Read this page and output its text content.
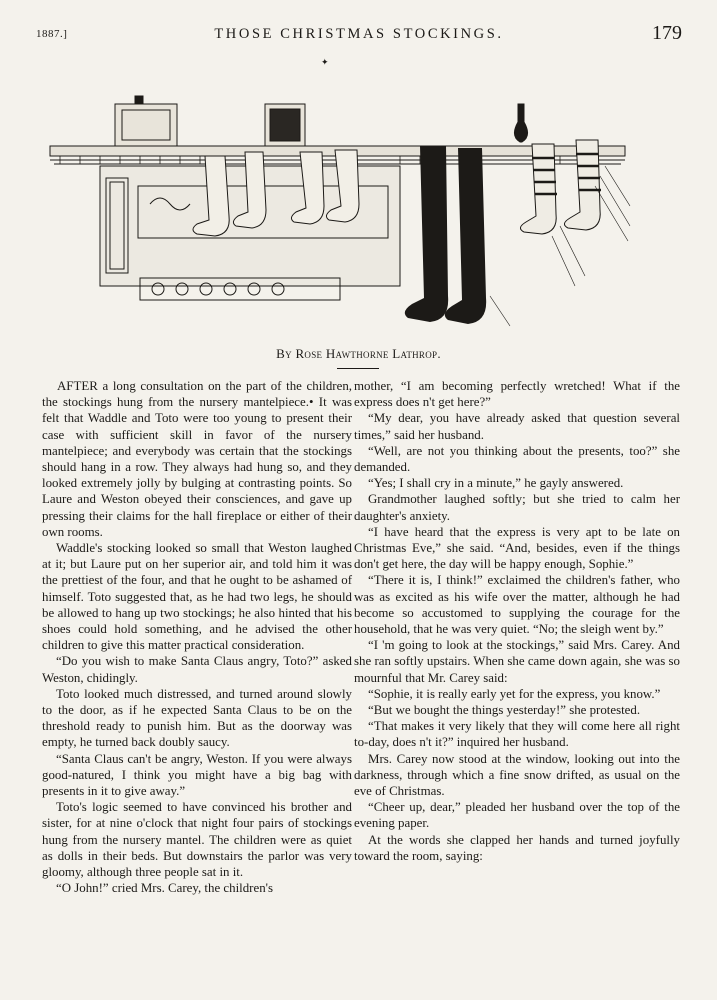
1887.]	THOSE CHRISTMAS STOCKINGS.	179
✦
By Rose Hawthorne Lathrop.

AFTER a long consultation on the part of the children, the stockings hung from the nursery mantelpiece.• It was felt that Waddle and Toto were too young to present their case with sufficient skill in favor of the nursery mantelpiece; and everybody was certain that the stockings should hang in a row. They always had hung so, and they looked extremely jolly by bulging at contrasting points. So Laure and Weston obeyed their consciences, and gave up pressing their claims for the hall fireplace or either of their own rooms.

Waddle's stocking looked so small that Weston laughed at it; but Laure put on her superior air, and told him it was the prettiest of the four, and that he ought to be ashamed of himself. Toto suggested that, as he had two legs, he should be allowed to hang up two stockings; he also hinted that his shoes could hold something, and he advised the other children to give this matter practical consideration.

“Do you wish to make Santa Claus angry, Toto?” asked Weston, chidingly.

Toto looked much distressed, and turned around slowly to the door, as if he expected Santa Claus to be on the threshold ready to punish him. But as the doorway was empty, he turned back doubly saucy.

“Santa Claus can't be angry, Weston. If you were always good-natured, I think you might have a big bag with presents in it to give away.”

Toto's logic seemed to have convinced his brother and sister, for at nine o'clock that night four pairs of stockings hung from the nursery mantel. The children were as quiet as dolls in their beds. But downstairs the parlor was very gloomy, although three people sat in it.

“O John!” cried Mrs. Carey, the children's

mother, “I am becoming perfectly wretched! What if the express does n't get here?”

“My dear, you have already asked that question several times,” said her husband.

“Well, are not you thinking about the presents, too?” she demanded.

“Yes; I shall cry in a minute,” he gayly answered.

Grandmother laughed softly; but she tried to calm her daughter's anxiety.

“I have heard that the express is very apt to be late on Christmas Eve,” she said. “And, besides, even if the things don't get here, the day will be happy enough, Sophie.”

“There it is, I think!” exclaimed the children's father, who was as excited as his wife over the matter, although he had become so accustomed to supplying the courage for the household, that he was very quiet. “No; the sleigh went by.”

“I 'm going to look at the stockings,” said Mrs. Carey. And she ran softly upstairs. When she came down again, she was so mournful that Mr. Carey said:

“Sophie, it is really early yet for the express, you know.”

“But we bought the things yesterday!” she protested.

“That makes it very likely that they will come here all right to-day, does n't it?” inquired her husband.

Mrs. Carey now stood at the window, looking out into the darkness, through which a fine snow drifted, as usual on the eve of Christmas.

“Cheer up, dear,” pleaded her husband over the top of the evening paper.

At the words she clapped her hands and turned joyfully toward the room, saying:
